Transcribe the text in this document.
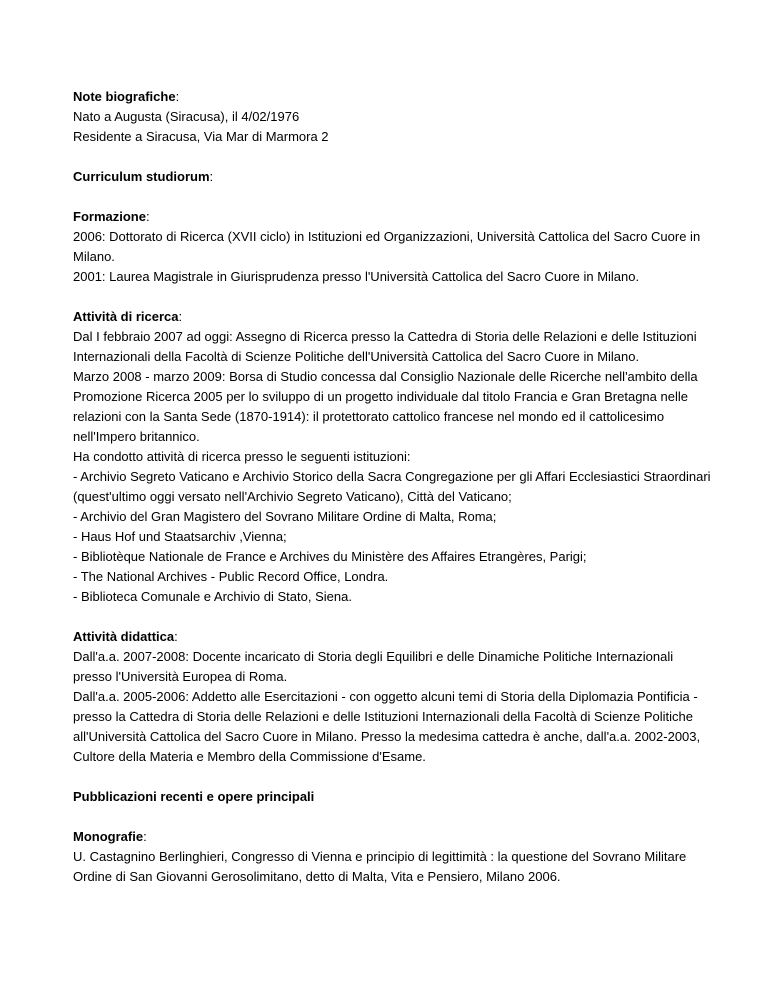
Note biografiche:
Nato a Augusta (Siracusa), il 4/02/1976
Residente a Siracusa, Via Mar di Marmora 2
Curriculum studiorum:
Formazione:
2006: Dottorato di Ricerca (XVII ciclo) in Istituzioni ed Organizzazioni, Università Cattolica del Sacro Cuore in Milano.
2001: Laurea Magistrale in Giurisprudenza presso l'Università Cattolica del Sacro Cuore in Milano.
Attività di ricerca:
Dal I febbraio 2007 ad oggi: Assegno di Ricerca presso la Cattedra di Storia delle Relazioni e delle Istituzioni Internazionali della Facoltà di Scienze Politiche dell'Università Cattolica del Sacro Cuore in Milano.
Marzo 2008 - marzo 2009: Borsa di Studio concessa dal Consiglio Nazionale delle Ricerche nell'ambito della Promozione Ricerca 2005 per lo sviluppo di un progetto individuale dal titolo Francia e Gran Bretagna nelle relazioni con la Santa Sede (1870-1914): il protettorato cattolico francese nel mondo ed il cattolicesimo nell'Impero britannico.
Ha condotto attività di ricerca presso le seguenti istituzioni:
- Archivio Segreto Vaticano e Archivio Storico della Sacra Congregazione per gli Affari Ecclesiastici Straordinari (quest'ultimo oggi versato nell'Archivio Segreto Vaticano), Città del Vaticano;
- Archivio del Gran Magistero del Sovrano Militare Ordine di Malta, Roma;
- Haus Hof und Staatsarchiv ,Vienna;
- Bibliotèque Nationale de France e Archives du Ministère des Affaires Etrangères, Parigi;
- The National Archives - Public Record Office, Londra.
- Biblioteca Comunale e Archivio di Stato, Siena.
Attività didattica:
Dall'a.a. 2007-2008: Docente incaricato di Storia degli Equilibri e delle Dinamiche Politiche Internazionali presso l'Università Europea di Roma.
Dall'a.a. 2005-2006: Addetto alle Esercitazioni - con oggetto alcuni temi di Storia della Diplomazia Pontificia - presso la Cattedra di Storia delle Relazioni e delle Istituzioni Internazionali della Facoltà di Scienze Politiche all'Università Cattolica del Sacro Cuore in Milano. Presso la medesima cattedra è anche, dall'a.a. 2002-2003, Cultore della Materia e Membro della Commissione d'Esame.
Pubblicazioni recenti e opere principali
Monografie:
U. Castagnino Berlinghieri, Congresso di Vienna e principio di legittimità : la questione del Sovrano Militare Ordine di San Giovanni Gerosolimitano, detto di Malta, Vita e Pensiero, Milano 2006.
